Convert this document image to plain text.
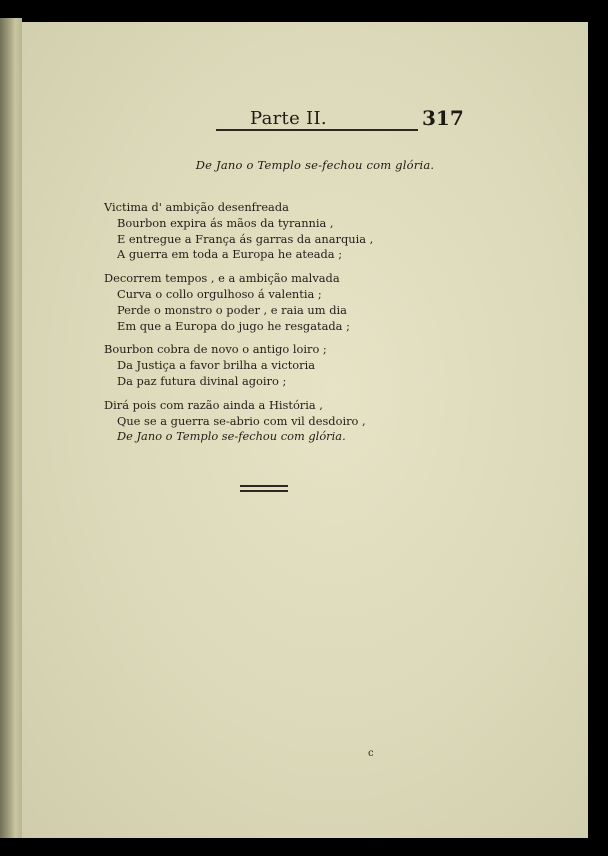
Parte II.	317
De Jano o Templo se-fechou com glória.
Victima d' ambição desenfreada
Bourbon expira ás mãos da tyrannia ,
E entregue a França ás garras da anarquia ,
A guerra em toda a Europa he ateada ;
Decorrem tempos , e a ambição malvada
Curva o collo orgulhoso á valentia ;
Perde o monstro o poder , e raia um dia
Em que a Europa do jugo he resgatada ;
Bourbon cobra de novo o antigo loiro ;
Da Justiça a favor brilha a victoria
Da paz futura divinal agoiro ;
Dirá pois com razão ainda a História ,
Que se a guerra se-abrio com vil desdoiro ,
De Jano o Templo se-fechou com glória.
c
